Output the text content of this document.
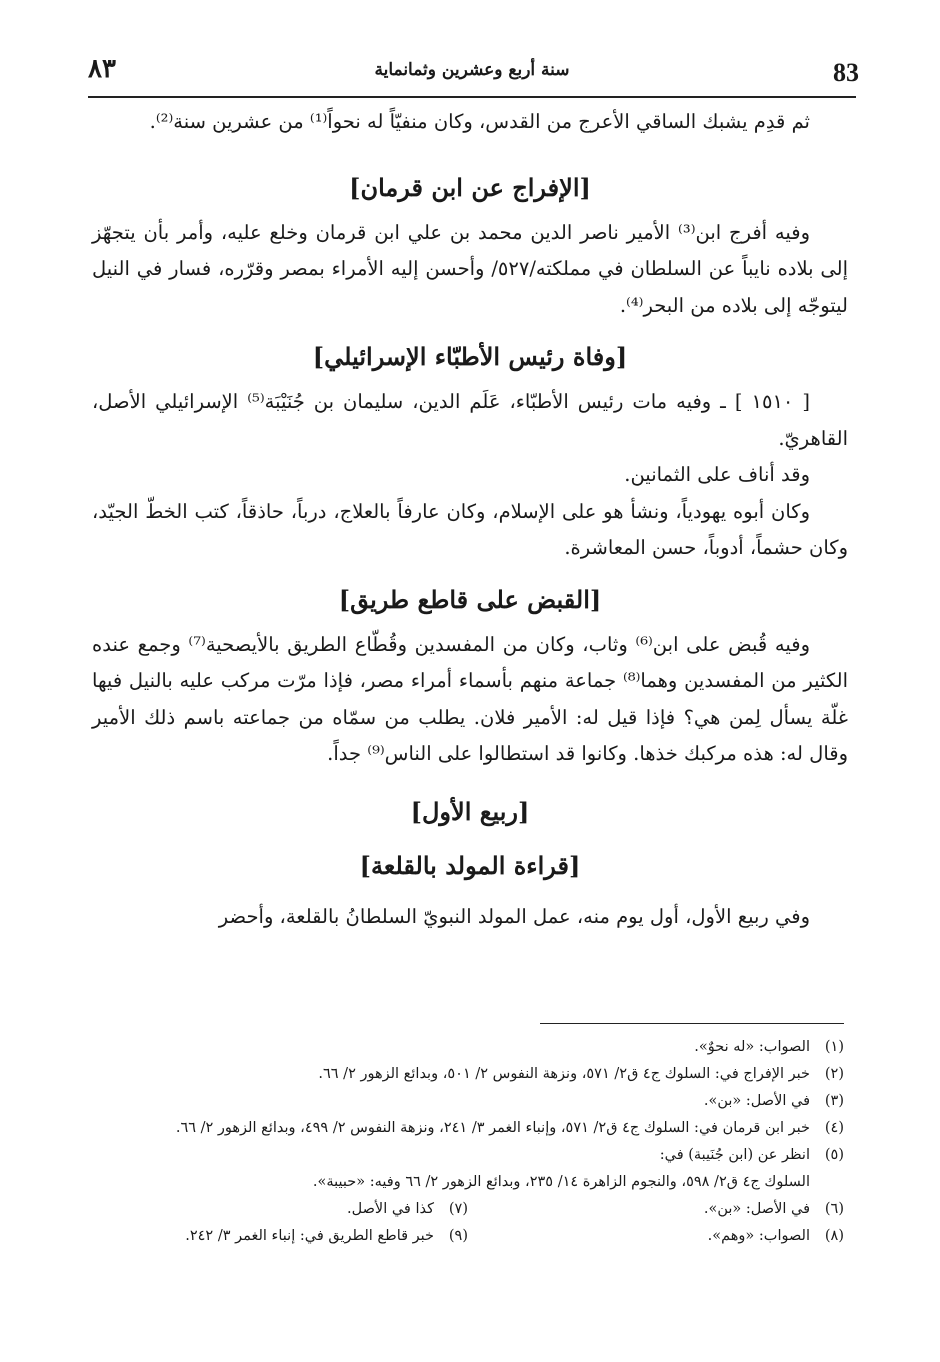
٨٣	سنة أربع وعشرين وثمانماية	83

ثم قدِم يشبك الساقي الأعرج من القدس، وكان منفيّاً له نحواً⁽¹⁾ من عشرين سنة⁽²⁾.

[الإفراج عن ابن قرمان]

وفيه أفرج ابن⁽³⁾ الأمير ناصر الدين محمد بن علي ابن قرمان وخلع عليه، وأمر بأن يتجهّز إلى بلاده نايباً عن السلطان في مملكته/٥٢٧/ وأحسن إليه الأمراء بمصر وقرّره، فسار في النيل ليتوجّه إلى بلاده من البحر⁽⁴⁾.

[وفاة رئيس الأطبّاء الإسرائيلي]

[ ١٥١٠ ] ـ وفيه مات رئيس الأطبّاء، عَلَم الدين، سليمان بن جُنَيْبَة⁽⁵⁾ الإسرائيلي الأصل، القاهريّ.

وقد أناف على الثمانين.

وكان أبوه يهودياً، ونشأ هو على الإسلام، وكان عارفاً بالعلاج، درباً، حاذقاً، كتب الخطّ الجيّد، وكان حشماً، أدوباً، حسن المعاشرة.

[القبض على قاطع طريق]

وفيه قُبض على ابن⁽⁶⁾ وثاب، وكان من المفسدين وقُطّاع الطريق بالأيصحية⁽⁷⁾ وجمع عنده الكثير من المفسدين وهما⁽⁸⁾ جماعة منهم بأسماء أمراء مصر، فإذا مرّت مركب عليه بالنيل فيها غلّة يسأل لِمن هي؟ فإذا قيل له: الأمير فلان. يطلب من سمّاه من جماعته باسم ذلك الأمير وقال له: هذه مركبك خذها. وكانوا قد استطالوا على الناس⁽⁹⁾ جداً.

[ربيع الأول]

[قراءة المولد بالقلعة]

وفي ربيع الأول، أول يوم منه، عمل المولد النبويّ السلطانُ بالقلعة، وأحضر

(١)
الصواب: «له نحوٌ».
(٢)
خبر الإفراج في: السلوك ج٤ ق٢/ ٥٧١، ونزهة النفوس ٢/ ٥٠١، وبدائع الزهور ٢/ ٦٦.
(٣)
في الأصل: «بن».
(٤)
خبر ابن قرمان في: السلوك ج٤ ق٢/ ٥٧١، وإنباء الغمر ٣/ ٢٤١، ونزهة النفوس ٢/ ٤٩٩، وبدائع الزهور ٢/ ٦٦.
(٥)
انظر عن (ابن جُنَيبة) في:
السلوك ج٤ ق٢/ ٥٩٨، والنجوم الزاهرة ١٤/ ٢٣٥، وبدائع الزهور ٢/ ٦٦ وفيه: «حبيبة».
(٦)
في الأصل: «بن».
(٧)
كذا في الأصل.
(٨)
الصواب: «وهم».
(٩)
خبر قاطع الطريق في: إنباء الغمر ٣/ ٢٤٢.
